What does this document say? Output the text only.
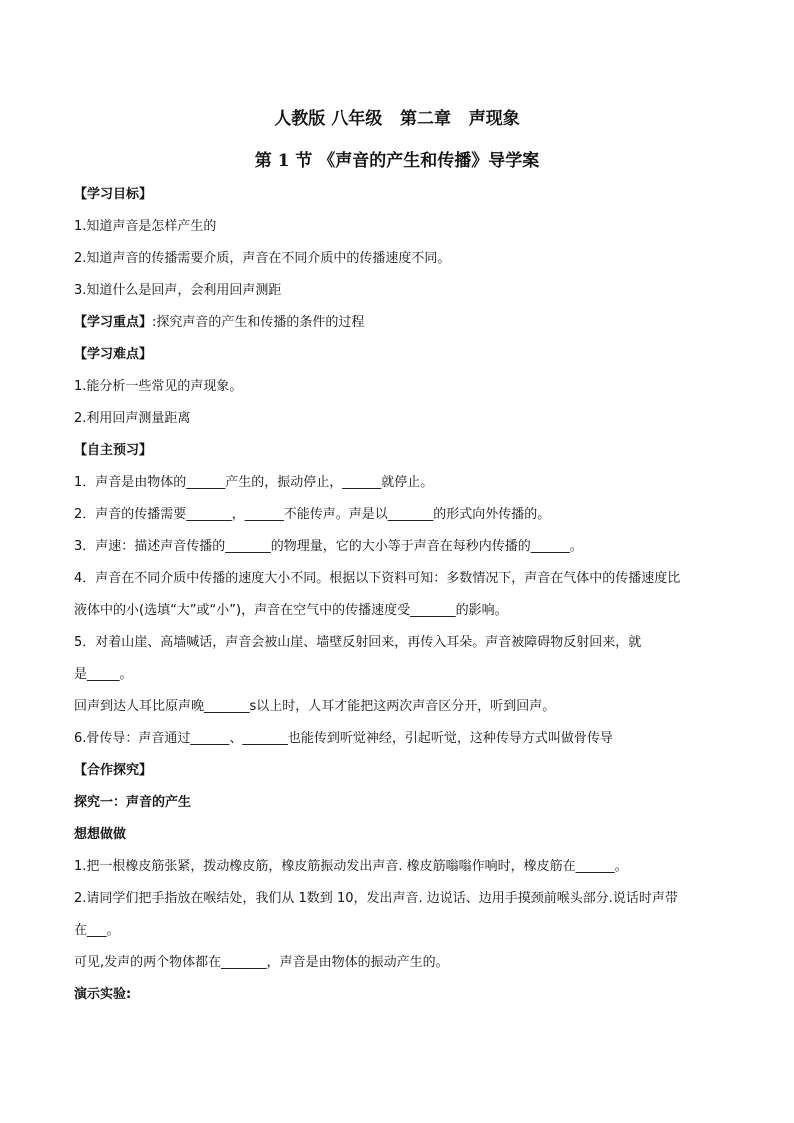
人教版 八年级   第二章   声现象
第 1 节 《声音的产生和传播》导学案
【学习目标】
1.知道声音是怎样产生的
2.知道声音的传播需要介质，声音在不同介质中的传播速度不同。
3.知道什么是回声，会利用回声测距
【学习重点】:探究声音的产生和传播的条件的过程
【学习难点】
1.能分析一些常见的声现象。
2.利用回声测量距离
【自主预习】
1．声音是由物体的______产生的，振动停止，______就停止。
2．声音的传播需要_______，______不能传声。声是以_______的形式向外传播的。
3．声速：描述声音传播的_______的物理量，它的大小等于声音在每秒内传播的______。
4．声音在不同介质中传播的速度大小不同。根据以下资料可知：多数情况下，声音在气体中的传播速度比
液体中的小(选填“大”或“小”)，声音在空气中的传播速度受_______的影响。
5．对着山崖、高墙喊话，声音会被山崖、墙壁反射回来，再传入耳朵。声音被障碍物反射回来，就
是_____。
回声到达人耳比原声晚_______s以上时，人耳才能把这两次声音区分开，听到回声。
6.骨传导：声音通过______、_______也能传到听觉神经，引起听觉，这种传导方式叫做骨传导
【合作探究】
探究一：声音的产生
想想做做
1.把一根橡皮筋张紧，拨动橡皮筋，橡皮筋振动发出声音. 橡皮筋嗡嗡作响时，橡皮筋在______。
2.请同学们把手指放在喉结处，我们从 1数到 10，发出声音. 边说话、边用手摸颈前喉头部分.说话时声带
在___。
可见,发声的两个物体都在_______，声音是由物体的振动产生的。
演示实验:
